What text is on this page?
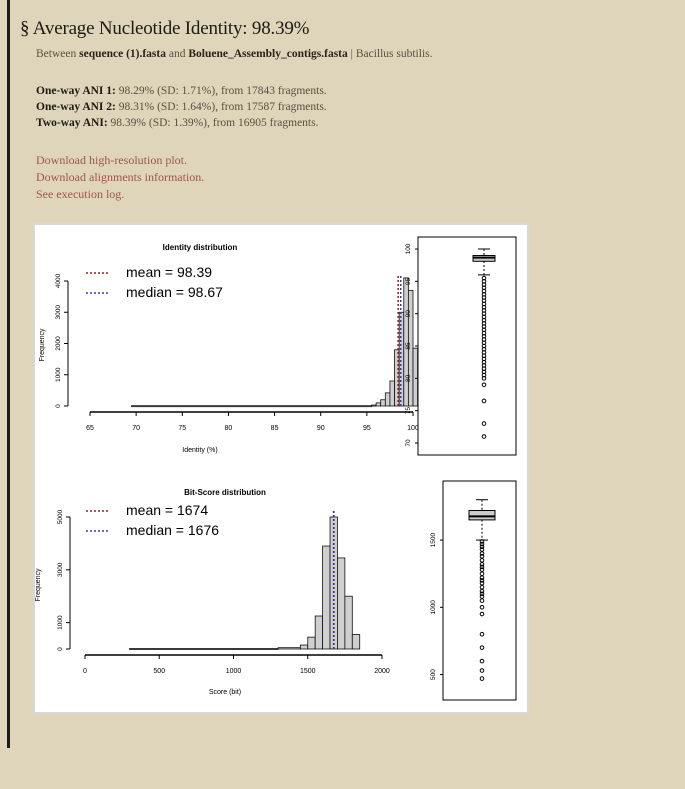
§ Average Nucleotide Identity: 98.39%
Between sequence (1).fasta and Boluene_Assembly_contigs.fasta | Bacillus subtilis.
One-way ANI 1: 98.29% (SD: 1.71%), from 17843 fragments.
One-way ANI 2: 98.31% (SD: 1.64%), from 17587 fragments.
Two-way ANI: 98.39% (SD: 1.39%), from 16905 fragments.
Download high-resolution plot.
Download alignments information.
See execution log.
Identity distribution
Identity (%)
Frequency
65	70	75	80	85	90	95	100
0
1000
2000
3000
4000
mean = 98.39
median = 98.67
100
95
90
85
80
75
70
Bit-Score distribution
Score (bit)
Frequency
0	500	1000	1500	2000
0
1000
3000
5000	mean = 1674
median = 1676
1500
1000
500
